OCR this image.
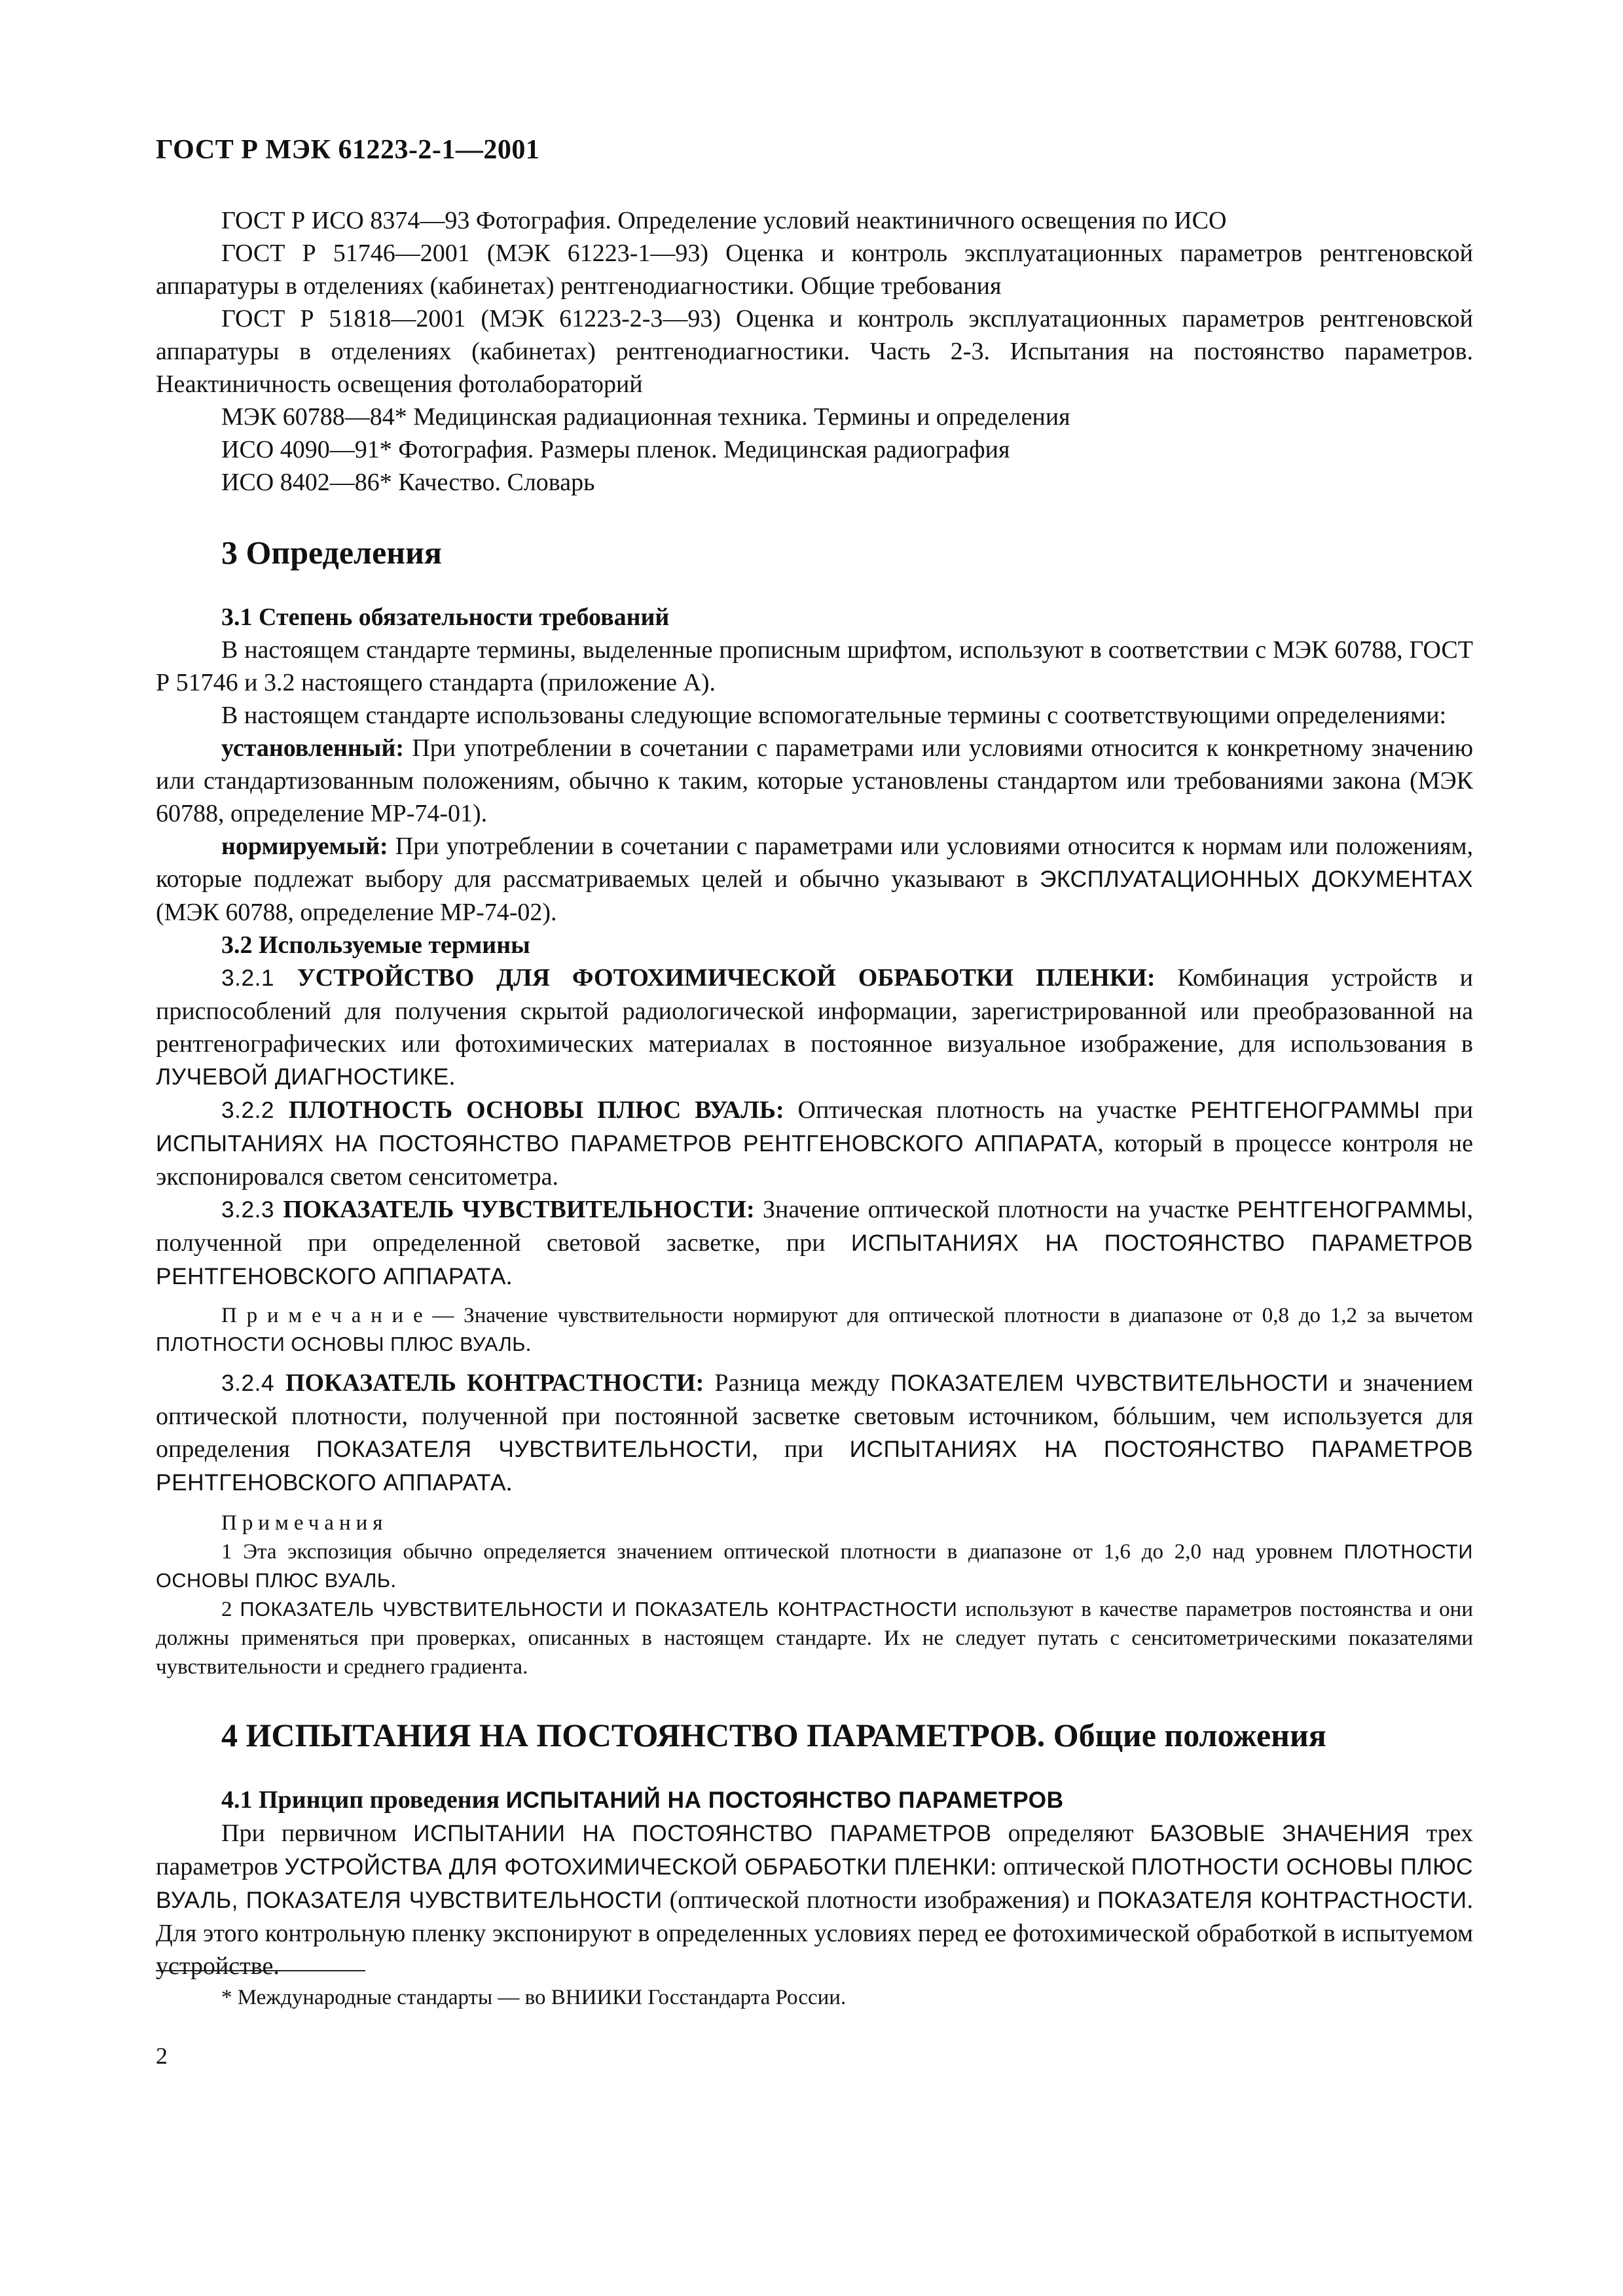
ГОСТ Р МЭК 61223-2-1—2001

ГОСТ Р ИСО 8374—93 Фотография. Определение условий неактиничного освещения по ИСО

ГОСТ Р 51746—2001 (МЭК 61223-1—93) Оценка и контроль эксплуатационных параметров рентгеновской аппаратуры в отделениях (кабинетах) рентгенодиагностики. Общие требования

ГОСТ Р 51818—2001 (МЭК 61223-2-3—93) Оценка и контроль эксплуатационных параметров рентгеновской аппаратуры в отделениях (кабинетах) рентгенодиагностики. Часть 2-3. Испытания на постоянство параметров. Неактиничность освещения фотолабораторий

МЭК 60788—84* Медицинская радиационная техника. Термины и определения

ИСО 4090—91* Фотография. Размеры пленок. Медицинская радиография

ИСО 8402—86* Качество. Словарь

3 Определения

3.1 Степень обязательности требований

В настоящем стандарте термины, выделенные прописным шрифтом, используют в соответствии с МЭК 60788, ГОСТ Р 51746 и 3.2 настоящего стандарта (приложение А).

В настоящем стандарте использованы следующие вспомогательные термины с соответствующими определениями:

установленный: При употреблении в сочетании с параметрами или условиями относится к конкретному значению или стандартизованным положениям, обычно к таким, которые установлены стандартом или требованиями закона (МЭК 60788, определение МР-74-01).

нормируемый: При употреблении в сочетании с параметрами или условиями относится к нормам или положениям, которые подлежат выбору для рассматриваемых целей и обычно указывают в ЭКСПЛУАТАЦИОННЫХ ДОКУМЕНТАХ (МЭК 60788, определение МР-74-02).

3.2 Используемые термины

3.2.1 УСТРОЙСТВО ДЛЯ ФОТОХИМИЧЕСКОЙ ОБРАБОТКИ ПЛЕНКИ: Комбинация устройств и приспособлений для получения скрытой радиологической информации, зарегистрированной или преобразованной на рентгенографических или фотохимических материалах в постоянное визуальное изображение, для использования в ЛУЧЕВОЙ ДИАГНОСТИКЕ.

3.2.2 ПЛОТНОСТЬ ОСНОВЫ ПЛЮС ВУАЛЬ: Оптическая плотность на участке РЕНТГЕНОГРАММЫ при ИСПЫТАНИЯХ НА ПОСТОЯНСТВО ПАРАМЕТРОВ РЕНТГЕНОВСКОГО АППАРАТА, который в процессе контроля не экспонировался светом сенситометра.

3.2.3 ПОКАЗАТЕЛЬ ЧУВСТВИТЕЛЬНОСТИ: Значение оптической плотности на участке РЕНТГЕНОГРАММЫ, полученной при определенной световой засветке, при ИСПЫТАНИЯХ НА ПОСТОЯНСТВО ПАРАМЕТРОВ РЕНТГЕНОВСКОГО АППАРАТА.

П р и м е ч а н и е — Значение чувствительности нормируют для оптической плотности в диапазоне от 0,8 до 1,2 за вычетом ПЛОТНОСТИ ОСНОВЫ ПЛЮС ВУАЛЬ.

3.2.4 ПОКАЗАТЕЛЬ КОНТРАСТНОСТИ: Разница между ПОКАЗАТЕЛЕМ ЧУВСТВИТЕЛЬНОСТИ и значением оптической плотности, полученной при постоянной засветке световым источником, бóльшим, чем используется для определения ПОКАЗАТЕЛЯ ЧУВСТВИТЕЛЬНОСТИ, при ИСПЫТАНИЯХ НА ПОСТОЯНСТВО ПАРАМЕТРОВ РЕНТГЕНОВСКОГО АППАРАТА.

Примечания

1 Эта экспозиция обычно определяется значением оптической плотности в диапазоне от 1,6 до 2,0 над уровнем ПЛОТНОСТИ ОСНОВЫ ПЛЮС ВУАЛЬ.

2 ПОКАЗАТЕЛЬ ЧУВСТВИТЕЛЬНОСТИ И ПОКАЗАТЕЛЬ КОНТРАСТНОСТИ используют в качестве параметров постоянства и они должны применяться при проверках, описанных в настоящем стандарте. Их не следует путать с сенситометрическими показателями чувствительности и среднего градиента.

4 ИСПЫТАНИЯ НА ПОСТОЯНСТВО ПАРАМЕТРОВ. Общие положения

4.1 Принцип проведения ИСПЫТАНИЙ НА ПОСТОЯНСТВО ПАРАМЕТРОВ

При первичном ИСПЫТАНИИ НА ПОСТОЯНСТВО ПАРАМЕТРОВ определяют БАЗОВЫЕ ЗНАЧЕНИЯ трех параметров УСТРОЙСТВА ДЛЯ ФОТОХИМИЧЕСКОЙ ОБРАБОТКИ ПЛЕНКИ: оптической ПЛОТНОСТИ ОСНОВЫ ПЛЮС ВУАЛЬ, ПОКАЗАТЕЛЯ ЧУВСТВИТЕЛЬНОСТИ (оптической плотности изображения) и ПОКАЗАТЕЛЯ КОНТРАСТНОСТИ. Для этого контрольную пленку экспонируют в определенных условиях перед ее фотохимической обработкой в испытуемом устройстве.

* Международные стандарты — во ВНИИКИ Госстандарта России.
2
